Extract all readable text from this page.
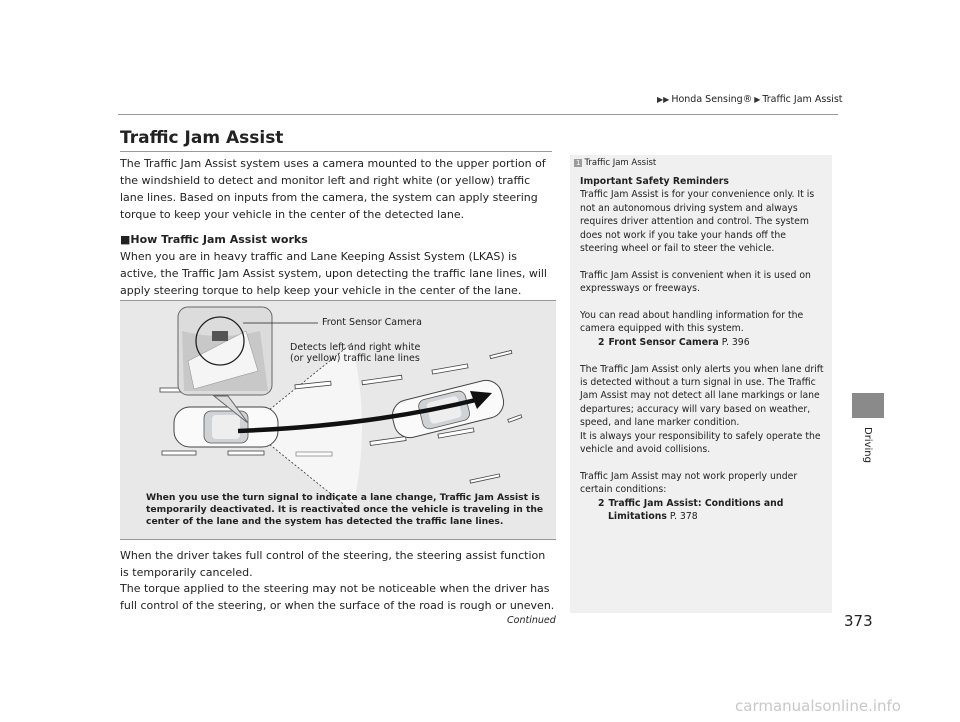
▶▶ Honda Sensing® ▶ Traffic Jam Assist
Traffic Jam Assist

The Traffic Jam Assist system uses a camera mounted to the upper portion of the windshield to detect and monitor left and right white (or yellow) traffic lane lines. Based on inputs from the camera, the system can apply steering torque to keep your vehicle in the center of the detected lane.

■How Traffic Jam Assist works

When you are in heavy traffic and Lane Keeping Assist System (LKAS) is active, the Traffic Jam Assist system, upon detecting the traffic lane lines, will apply steering torque to help keep your vehicle in the center of the lane.

Front Sensor Camera
Detects left and right white
(or yellow) traffic lane lines
When you use the turn signal to indicate a lane change, Traffic Jam Assist is
temporarily deactivated. It is reactivated once the vehicle is traveling in the
center of the lane and the system has detected the traffic lane lines.

When the driver takes full control of the steering, the steering assist function is temporarily canceled.

The torque applied to the steering may not be noticeable when the driver has full control of the steering, or when the surface of the road is rough or uneven.

1 Traffic Jam Assist

Important Safety Reminders
Traffic Jam Assist is for your convenience only. It is not an autonomous driving system and always requires driver attention and control. The system does not work if you take your hands off the steering wheel or fail to steer the vehicle.

Traffic Jam Assist is convenient when it is used on expressways or freeways.

You can read about handling information for the camera equipped with this system.
2 Front Sensor Camera P. 396

The Traffic Jam Assist only alerts you when lane drift is detected without a turn signal in use. The Traffic Jam Assist may not detect all lane markings or lane departures; accuracy will vary based on weather, speed, and lane marker condition.
It is always your responsibility to safely operate the vehicle and avoid collisions.

Traffic Jam Assist may not work properly under certain conditions:
2 Traffic Jam Assist: Conditions and
Limitations P. 378

Driving
Continued	373
carmanualsonline.info
